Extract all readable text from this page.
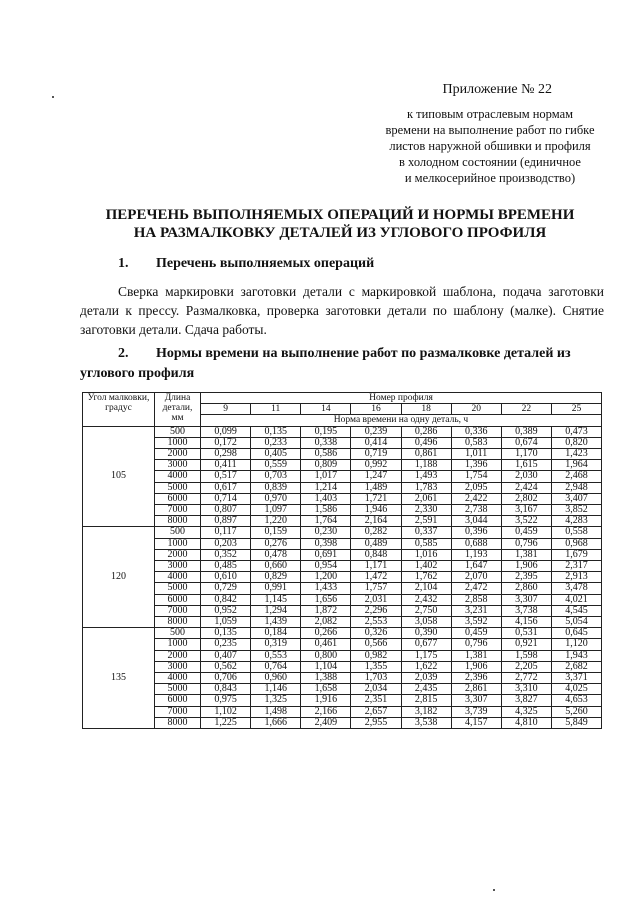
Приложение № 22
к типовым отраслевым нормам
времени на выполнение работ по гибке
листов наружной обшивки и профиля
в холодном состоянии (единичное
и мелкосерийное производство)
ПЕРЕЧЕНЬ ВЫПОЛНЯЕМЫХ ОПЕРАЦИЙ И НОРМЫ ВРЕМЕНИ
НА РАЗМАЛКОВКУ ДЕТАЛЕЙ ИЗ УГЛОВОГО ПРОФИЛЯ
1. Перечень выполняемых операций
Сверка маркировки заготовки детали с маркировкой шаблона, подача заготовки детали к прессу. Размалковка, проверка заготовки детали по шаблону (малке). Снятие заготовки детали. Сдача работы.
2. Нормы времени на выполнение работ по размалковке деталей из углового профиля
Угол малковки, градус	Длина детали, мм	Номер профиля							
		9	11	14	16	18	20	22	25
		Норма времени на одну деталь, ч							
105	500	0,099	0,135	0,195	0,239	0,286	0,336	0,389	0,473
	1000	0,172	0,233	0,338	0,414	0,496	0,583	0,674	0,820
	2000	0,298	0,405	0,586	0,719	0,861	1,011	1,170	1,423
	3000	0,411	0,559	0,809	0,992	1,188	1,396	1,615	1,964
	4000	0,517	0,703	1,017	1,247	1,493	1,754	2,030	2,468
	5000	0,617	0,839	1,214	1,489	1,783	2,095	2,424	2,948
	6000	0,714	0,970	1,403	1,721	2,061	2,422	2,802	3,407
	7000	0,807	1,097	1,586	1,946	2,330	2,738	3,167	3,852
	8000	0,897	1,220	1,764	2,164	2,591	3,044	3,522	4,283
120	500	0,117	0,159	0,230	0,282	0,337	0,396	0,459	0,558
	1000	0,203	0,276	0,398	0,489	0,585	0,688	0,796	0,968
	2000	0,352	0,478	0,691	0,848	1,016	1,193	1,381	1,679
	3000	0,485	0,660	0,954	1,171	1,402	1,647	1,906	2,317
	4000	0,610	0,829	1,200	1,472	1,762	2,070	2,395	2,913
	5000	0,729	0,991	1,433	1,757	2,104	2,472	2,860	3,478
	6000	0,842	1,145	1,656	2,031	2,432	2,858	3,307	4,021
	7000	0,952	1,294	1,872	2,296	2,750	3,231	3,738	4,545
	8000	1,059	1,439	2,082	2,553	3,058	3,592	4,156	5,054
135	500	0,135	0,184	0,266	0,326	0,390	0,459	0,531	0,645
	1000	0,235	0,319	0,461	0,566	0,677	0,796	0,921	1,120
	2000	0,407	0,553	0,800	0,982	1,175	1,381	1,598	1,943
	3000	0,562	0,764	1,104	1,355	1,622	1,906	2,205	2,682
	4000	0,706	0,960	1,388	1,703	2,039	2,396	2,772	3,371
	5000	0,843	1,146	1,658	2,034	2,435	2,861	3,310	4,025
	6000	0,975	1,325	1,916	2,351	2,815	3,307	3,827	4,653
	7000	1,102	1,498	2,166	2,657	3,182	3,739	4,325	5,260
	8000	1,225	1,666	2,409	2,955	3,538	4,157	4,810	5,849
